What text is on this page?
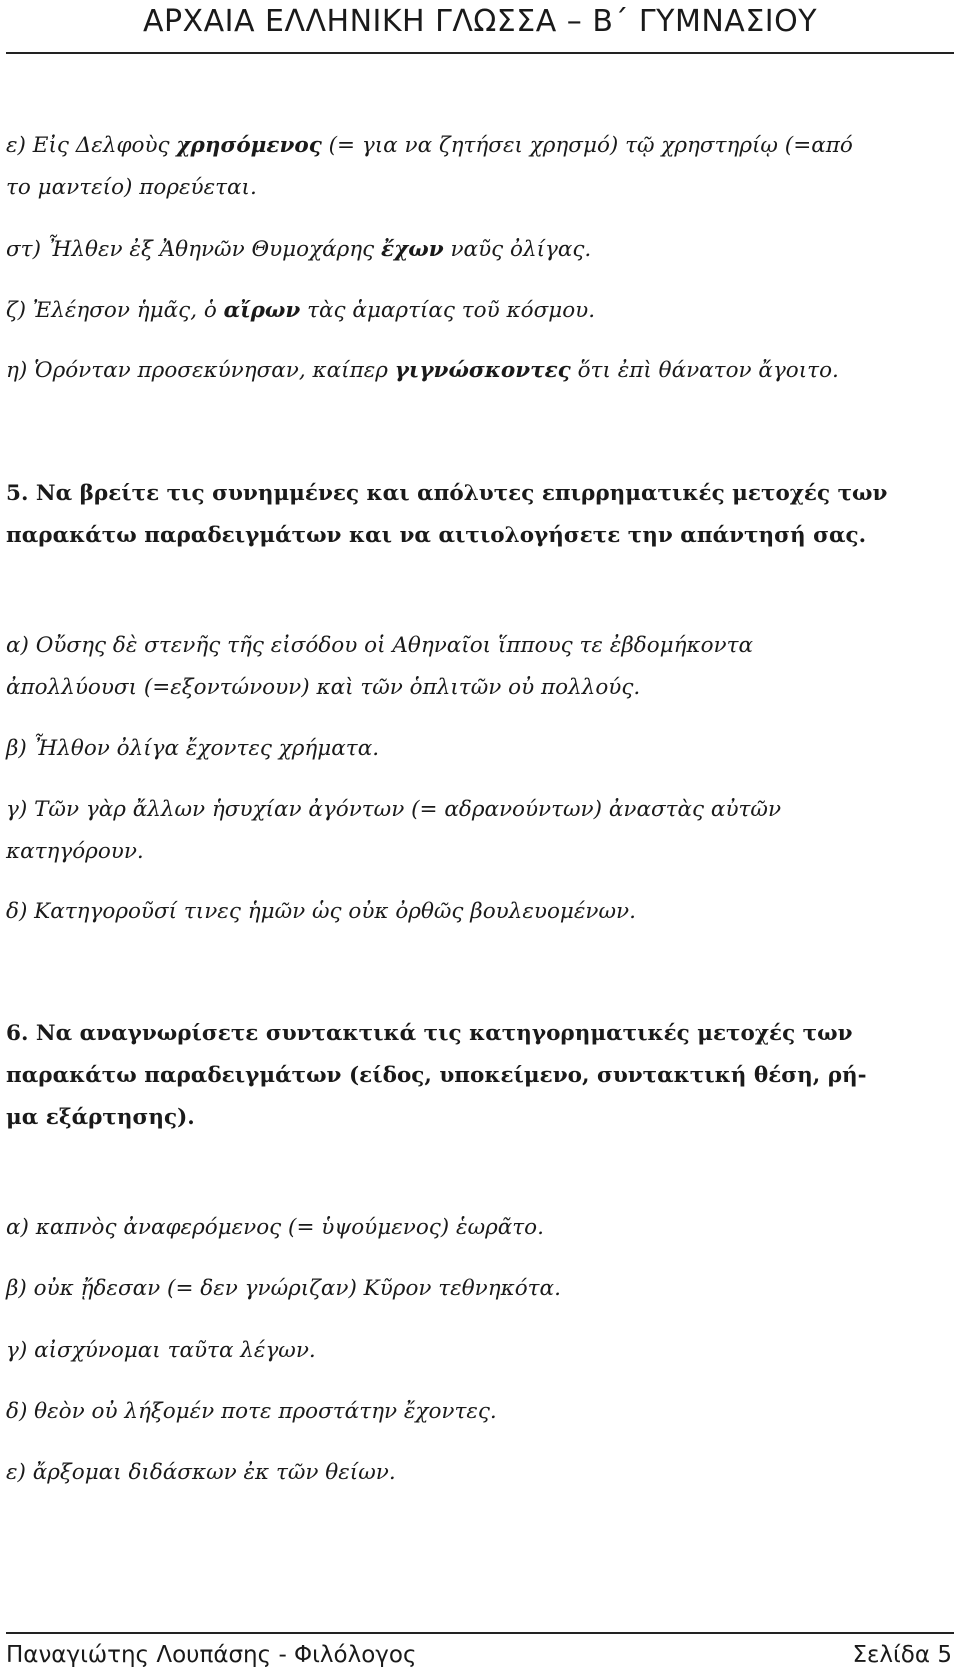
ΑΡΧΑΙΑ ΕΛΛΗΝΙΚΗ ΓΛΩΣΣΑ – Β΄ ΓΥΜΝΑΣΙΟΥ
ε) Εἰς Δελφοὺς χρησόμενος (= για να ζητήσει χρησμό) τῷ χρηστηρίῳ (=από
το μαντείο) πορεύεται.
στ) Ἦλθεν ἐξ Ἀθηνῶν Θυμοχάρης ἔχων ναῦς ὀλίγας.
ζ) Ἐλέησον ἡμᾶς, ὁ αἴρων τὰς ἁμαρτίας τοῦ κόσμου.
η) Ὁρόνταν προσεκύνησαν, καίπερ γιγνώσκοντες ὅτι ἐπὶ θάνατον ἄγοιτο.
5. Να βρείτε τις συνημμένες και απόλυτες επιρρηματικές μετοχές των
παρακάτω παραδειγμάτων και να αιτιολογήσετε την απάντησή σας.
α) Οὔσης δὲ στενῆς τῆς εἰσόδου οἱ Αθηναῖοι ἵππους τε ἐβδομήκοντα
ἀπολλύουσι (=εξοντώνουν) καὶ τῶν ὁπλιτῶν οὐ πολλούς.
β) Ἦλθον ὀλίγα ἔχοντες χρήματα.
γ) Τῶν γὰρ ἄλλων ἡσυχίαν ἀγόντων (= αδρανούντων) ἀναστὰς αὐτῶν
κατηγόρουν.
δ) Κατηγοροῦσί τινες ἡμῶν ὡς οὐκ ὀρθῶς βουλευομένων.
6. Να αναγνωρίσετε συντακτικά τις κατηγορηματικές μετοχές των
παρακάτω παραδειγμάτων (είδος, υποκείμενο, συντακτική θέση, ρή-
μα εξάρτησης).
α) καπνὸς ἀναφερόμενος (= ὑψούμενος) ἑωρᾶτο.
β) οὐκ ᾔδεσαν (= δεν γνώριζαν) Κῦρον τεθνηκότα.
γ) αἰσχύνομαι ταῦτα λέγων.
δ) θεὸν οὐ λήξομέν ποτε προστάτην ἔχοντες.
ε) ἄρξομαι διδάσκων ἐκ τῶν θείων.
Παναγιώτης Λουπάσης - Φιλόλογος	Σελίδα 5
